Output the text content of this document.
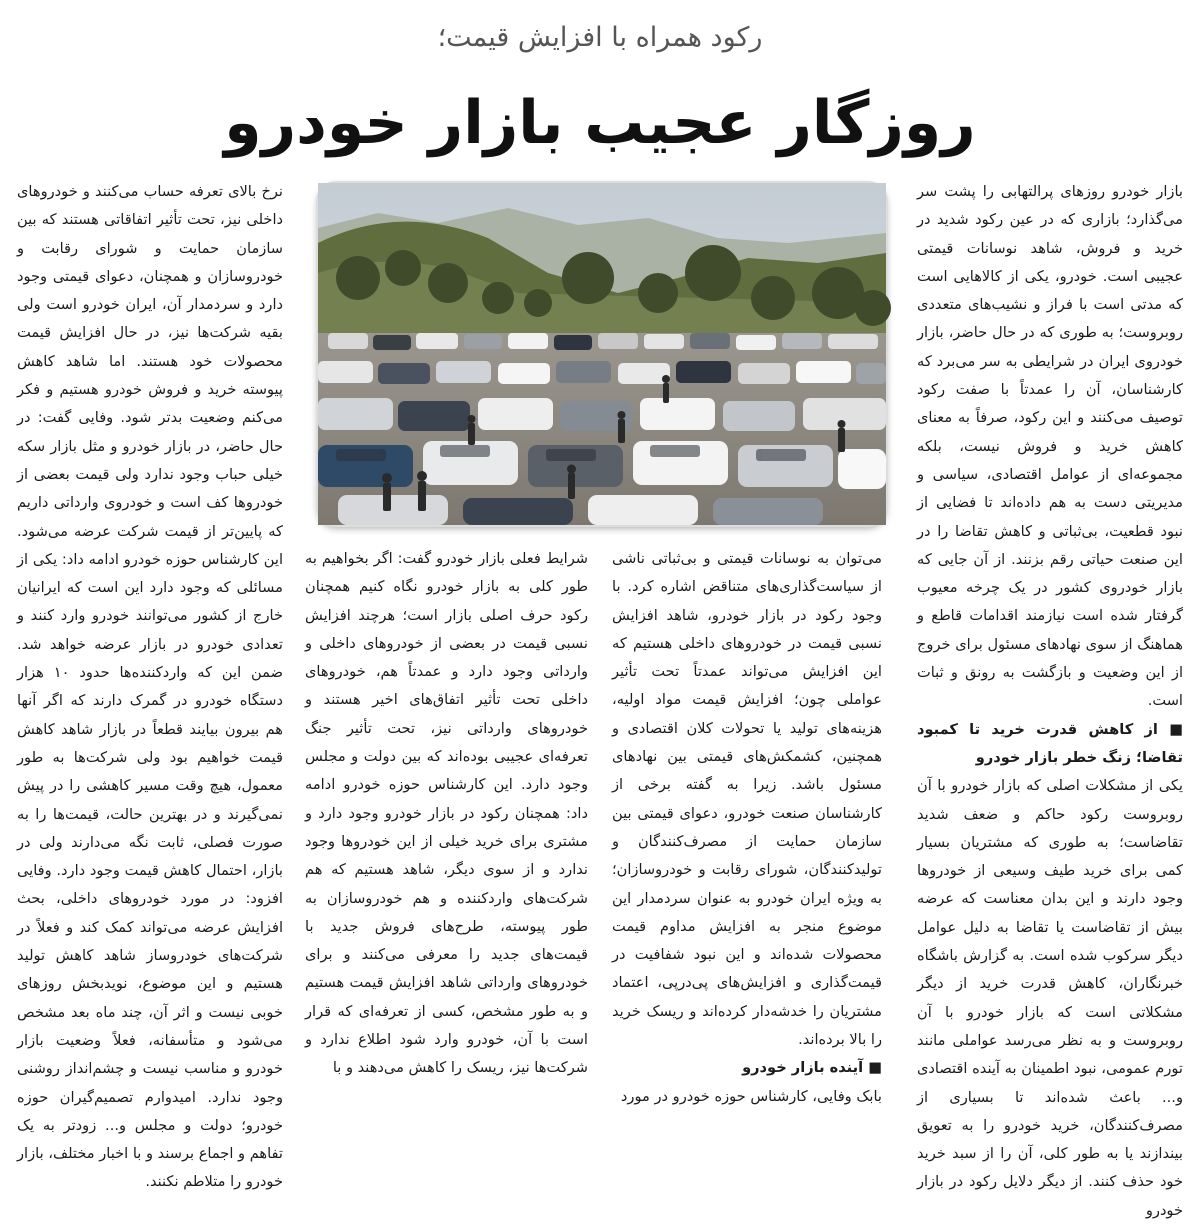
رکود همراه با افزایش قیمت؛
روزگار عجیب بازار خودرو

بازار خودرو روزهای پرالتهابی را پشت سر می‌گذارد؛ بازاری که در عین رکود شدید در خرید و فروش، شاهد نوسانات قیمتی عجیبی است. خودرو، یکی از کالاهایی است که مدتی است با فراز و نشیب‌های متعددی روبروست؛ به طوری که در حال حاضر، بازار خودروی ایران در شرایطی به سر می‌برد که کارشناسان، آن را عمدتاً با صفت رکود توصیف می‌کنند و این رکود، صرفاً به معنای کاهش خرید و فروش نیست، بلکه مجموعه‌ای از عوامل اقتصادی، سیاسی و مدیریتی دست به هم داده‌اند تا فضایی از نبود قطعیت، بی‌ثباتی و کاهش تقاضا را در این صنعت حیاتی رقم بزنند. از آن جایی که بازار خودروی کشور در یک چرخه معیوب گرفتار شده است نیازمند اقدامات قاطع و هماهنگ از سوی نهادهای مسئول برای خروج از این وضعیت و بازگشت به رونق و ثبات است.

■ از کاهش قدرت خرید تا کمبود تقاضا؛ زنگ خطر بازار خودرو

یکی از مشکلات اصلی که بازار خودرو با آن روبروست رکود حاکم و ضعف شدید تقاضاست؛ به طوری که مشتریان بسیار کمی برای خرید طیف وسیعی از خودروها وجود دارند و این بدان معناست که عرضه بیش از تقاضاست یا تقاضا به دلیل عوامل دیگر سرکوب شده است. به گزارش باشگاه خبرنگاران، کاهش قدرت خرید از دیگر مشکلاتی است که بازار خودرو با آن روبروست و به نظر می‌رسد عواملی مانند تورم عمومی، نبود اطمینان به آینده اقتصادی و... باعث شده‌اند تا بسیاری از مصرف‌کنندگان، خرید خودرو را به تعویق بیندازند یا به طور کلی، آن را از سبد خرید خود حذف کنند. از دیگر دلایل رکود در بازار خودرو

می‌توان به نوسانات قیمتی و بی‌ثباتی ناشی از سیاست‌گذاری‌های متناقض اشاره کرد. با وجود رکود در بازار خودرو، شاهد افزایش نسبی قیمت در خودروهای داخلی هستیم که این افزایش می‌تواند عمدتاً تحت تأثیر عواملی چون؛ افزایش قیمت مواد اولیه، هزینه‌های تولید یا تحولات کلان اقتصادی و همچنین، کشمکش‌های قیمتی بین نهادهای مسئول باشد. زیرا به گفته برخی از کارشناسان صنعت خودرو، دعوای قیمتی بین سازمان حمایت از مصرف‌کنندگان و تولیدکنندگان، شورای رقابت و خودروسازان؛ به ویژه ایران خودرو به عنوان سردمدار این موضوع منجر به افزایش مداوم قیمت محصولات شده‌اند و این نبود شفافیت در قیمت‌گذاری و افزایش‌های پی‌درپی، اعتماد مشتریان را خدشه‌دار کرده‌اند و ریسک خرید را بالا برده‌اند.

■ آینده بازار خودرو

بابک وفایی، کارشناس حوزه خودرو در مورد

شرایط فعلی بازار خودرو گفت: اگر بخواهیم به طور کلی به بازار خودرو نگاه کنیم همچنان رکود حرف اصلی بازار است؛ هرچند افزایش نسبی قیمت در بعضی از خودروهای داخلی و وارداتی وجود دارد و عمدتاً هم، خودروهای داخلی تحت تأثیر اتفاق‌های اخیر هستند و خودروهای وارداتی نیز، تحت تأثیر جنگ تعرفه‌ای عجیبی بوده‌اند که بین دولت و مجلس وجود دارد. این کارشناس حوزه خودرو ادامه داد: همچنان رکود در بازار خودرو وجود دارد و مشتری برای خرید خیلی از این خودروها وجود ندارد و از سوی دیگر، شاهد هستیم که هم شرکت‌های واردکننده و هم خودروسازان به طور پیوسته، طرح‌های فروش جدید با قیمت‌های جدید را معرفی می‌کنند و برای خودروهای وارداتی شاهد افزایش قیمت هستیم و به طور مشخص، کسی از تعرفه‌ای که قرار است با آن، خودرو وارد شود اطلاع ندارد و شرکت‌ها نیز، ریسک را کاهش می‌دهند و با

نرخ بالای تعرفه حساب می‌کنند و خودروهای داخلی نیز، تحت تأثیر اتفاقاتی هستند که بین سازمان حمایت و شورای رقابت و خودروسازان و همچنان، دعوای قیمتی وجود دارد و سردمدار آن، ایران خودرو است ولی بقیه شرکت‌ها نیز، در حال افزایش قیمت محصولات خود هستند. اما شاهد کاهش پیوسته خرید و فروش خودرو هستیم و فکر می‌کنم وضعیت بدتر شود. وفایی گفت: در حال حاضر، در بازار خودرو و مثل بازار سکه خیلی حباب وجود ندارد ولی قیمت بعضی از خودروها کف است و خودروی وارداتی داریم که پایین‌تر از قیمت شرکت عرضه می‌شود. این کارشناس حوزه خودرو ادامه داد: یکی از مسائلی که وجود دارد این است که ایرانیان خارج از کشور می‌توانند خودرو وارد کنند و تعدادی خودرو در بازار عرضه خواهد شد. ضمن این که واردکننده‌ها حدود ۱۰ هزار دستگاه خودرو در گمرک دارند که اگر آنها هم بیرون بیایند قطعاً در بازار شاهد کاهش قیمت خواهیم بود ولی شرکت‌ها به طور معمول، هیچ وقت مسیر کاهشی را در پیش نمی‌گیرند و در بهترین حالت، قیمت‌ها را به صورت فصلی، ثابت نگه می‌دارند ولی در بازار، احتمال کاهش قیمت وجود دارد. وفایی افزود: در مورد خودروهای داخلی، بحث افزایش عرضه می‌تواند کمک کند و فعلاً در شرکت‌های خودروساز شاهد کاهش تولید هستیم و این موضوع، نویدبخش روزهای خوبی نیست و اثر آن، چند ماه بعد مشخص می‌شود و متأسفانه، فعلاً وضعیت بازار خودرو و مناسب نیست و چشم‌انداز روشنی وجود ندارد. امیدوارم تصمیم‌گیران حوزه خودرو؛ دولت و مجلس و... زودتر به یک تفاهم و اجماع برسند و با اخبار مختلف، بازار خودرو را متلاطم نکنند.
